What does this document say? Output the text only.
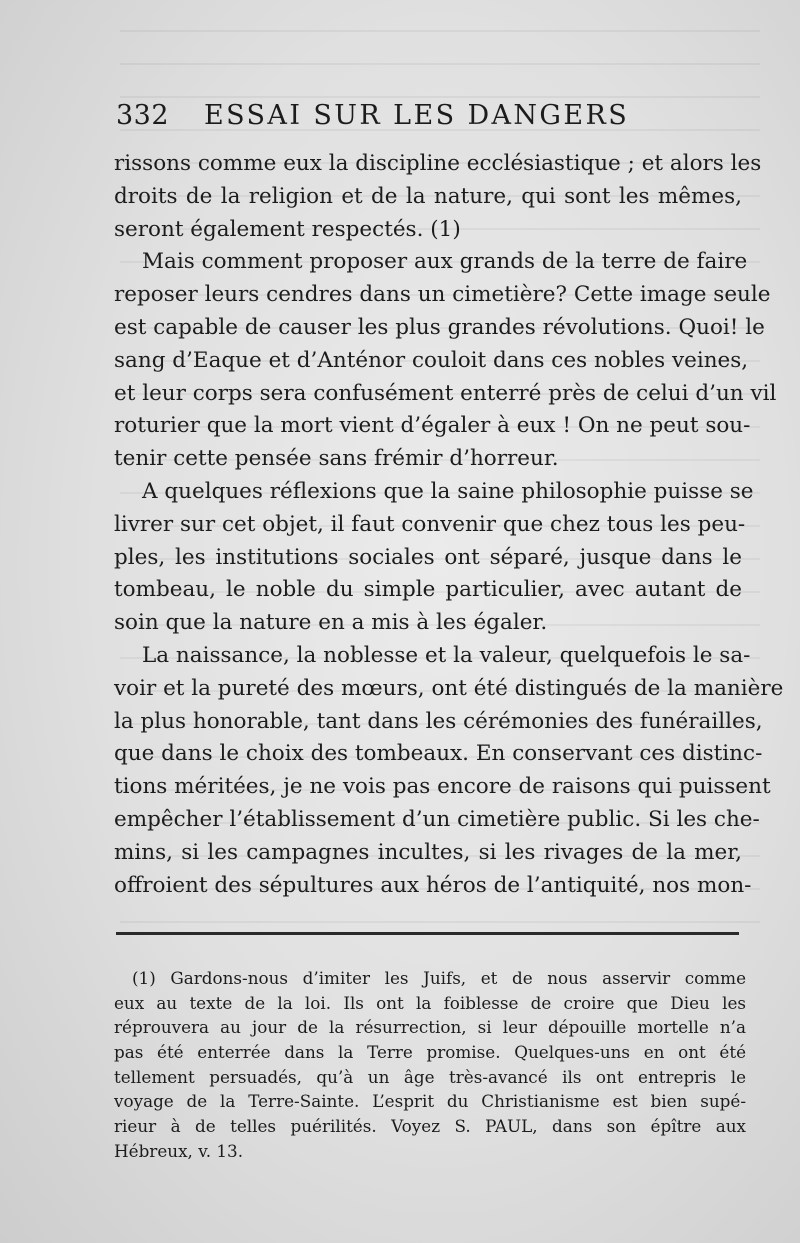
332 ESSAI SUR LES DANGERS
rissons comme eux la discipline ecclésiastique ; et alors les
droits de la religion et de la nature, qui sont les mêmes,
seront également respectés. (1)
Mais comment proposer aux grands de la terre de faire
reposer leurs cendres dans un cimetière? Cette image seule
est capable de causer les plus grandes révolutions. Quoi! le
sang d’Eaque et d’Anténor couloit dans ces nobles veines,
et leur corps sera confusément enterré près de celui d’un vil
roturier que la mort vient d’égaler à eux ! On ne peut sou-
tenir cette pensée sans frémir d’horreur.
A quelques réflexions que la saine philosophie puisse se
livrer sur cet objet, il faut convenir que chez tous les peu-
ples, les institutions sociales ont séparé, jusque dans le
tombeau, le noble du simple particulier, avec autant de
soin que la nature en a mis à les égaler.
La naissance, la noblesse et la valeur, quelquefois le sa-
voir et la pureté des mœurs, ont été distingués de la manière
la plus honorable, tant dans les cérémonies des funérailles,
que dans le choix des tombeaux. En conservant ces distinc-
tions méritées, je ne vois pas encore de raisons qui puissent
empêcher l’établissement d’un cimetière public. Si les che-
mins, si les campagnes incultes, si les rivages de la mer,
offroient des sépultures aux héros de l’antiquité, nos mon-
(1) Gardons-nous d’imiter les Juifs, et de nous asservir comme
eux au texte de la loi. Ils ont la foiblesse de croire que Dieu les
réprouvera au jour de la résurrection, si leur dépouille mortelle n’a
pas été enterrée dans la Terre promise. Quelques-uns en ont été
tellement persuadés, qu’à un âge très-avancé ils ont entrepris le
voyage de la Terre-Sainte. L’esprit du Christianisme est bien supé-
rieur à de telles puérilités. Voyez S. PAUL, dans son épître aux
Hébreux, v. 13.
